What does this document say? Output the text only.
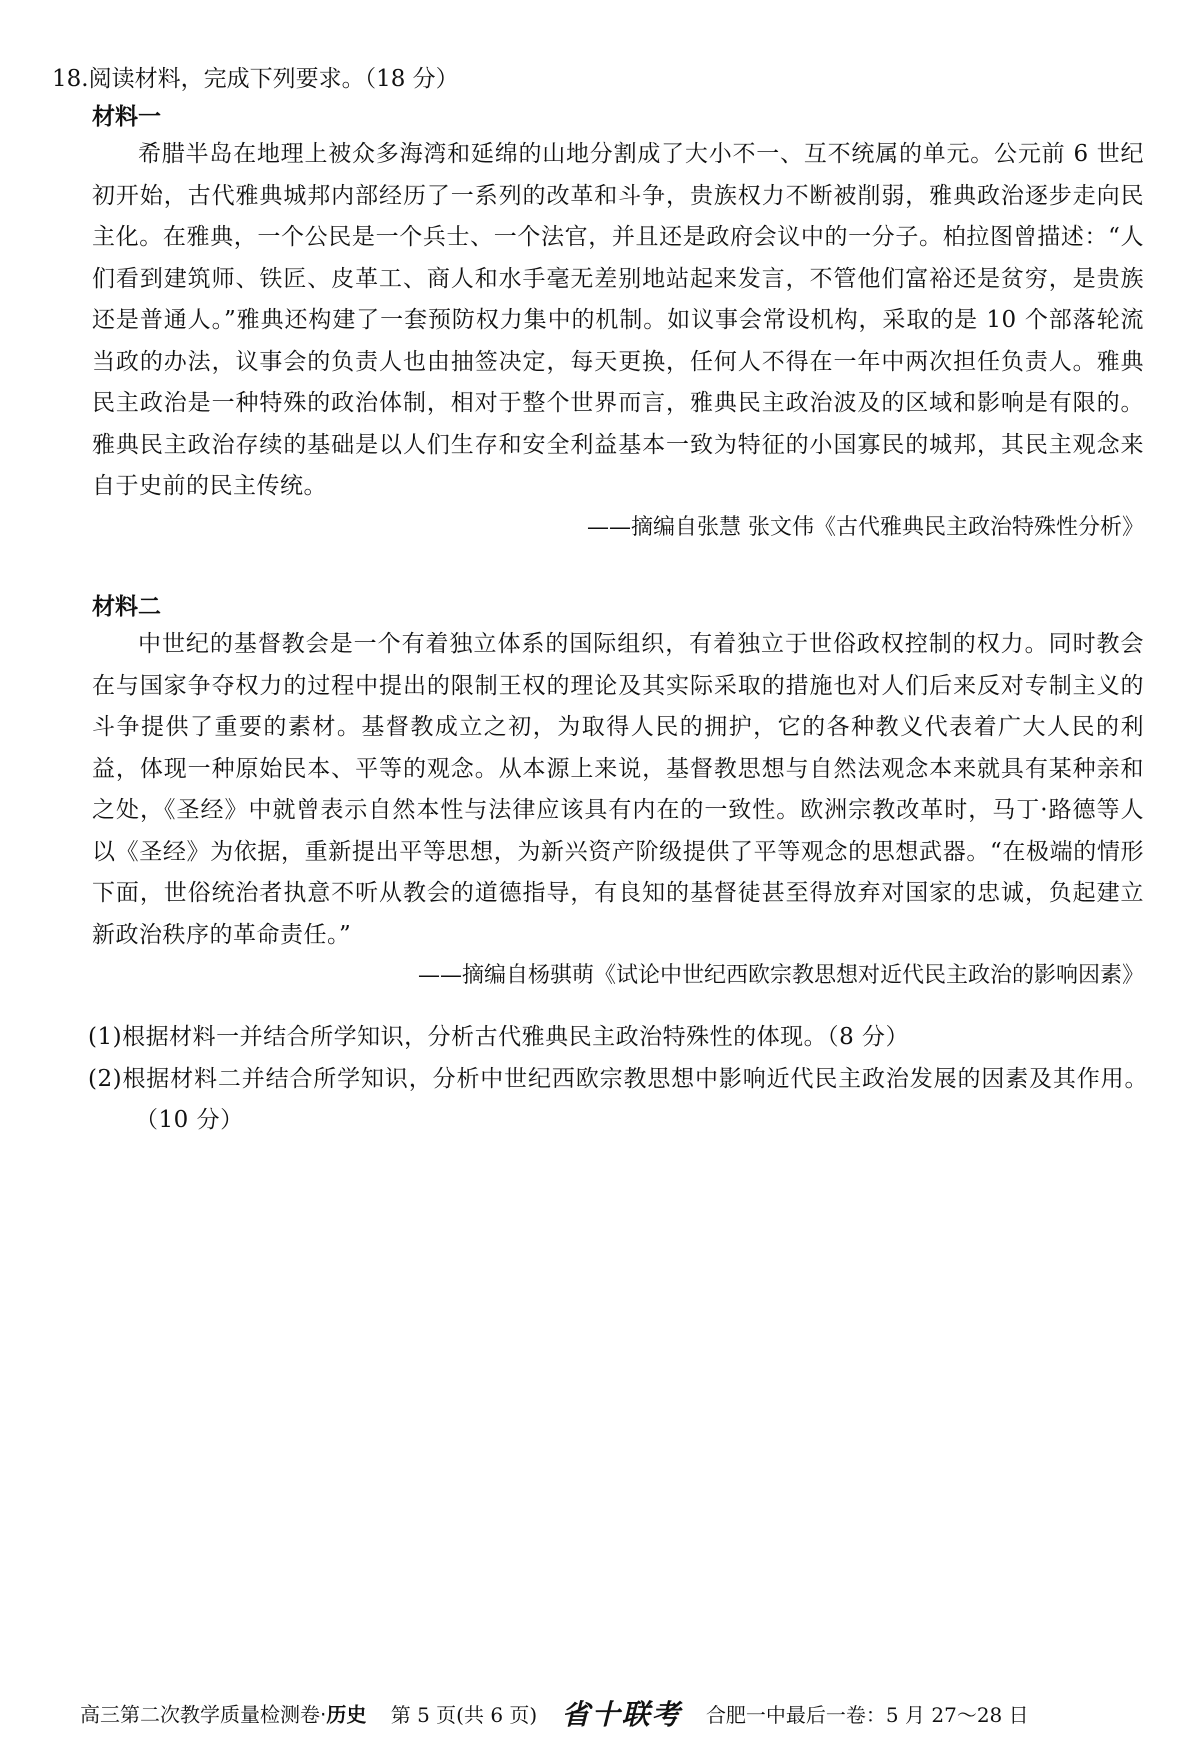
18.阅读材料，完成下列要求。（18 分）

材料一

希腊半岛在地理上被众多海湾和延绵的山地分割成了大小不一、互不统属的单元。公元前 6 世纪初开始，古代雅典城邦内部经历了一系列的改革和斗争，贵族权力不断被削弱，雅典政治逐步走向民主化。在雅典，一个公民是一个兵士、一个法官，并且还是政府会议中的一分子。柏拉图曾描述：“人们看到建筑师、铁匠、皮革工、商人和水手毫无差别地站起来发言，不管他们富裕还是贫穷，是贵族还是普通人。”雅典还构建了一套预防权力集中的机制。如议事会常设机构，采取的是 10 个部落轮流当政的办法，议事会的负责人也由抽签决定，每天更换，任何人不得在一年中两次担任负责人。雅典民主政治是一种特殊的政治体制，相对于整个世界而言，雅典民主政治波及的区域和影响是有限的。雅典民主政治存续的基础是以人们生存和安全利益基本一致为特征的小国寡民的城邦，其民主观念来自于史前的民主传统。

——摘编自张慧 张文伟《古代雅典民主政治特殊性分析》

材料二

中世纪的基督教会是一个有着独立体系的国际组织，有着独立于世俗政权控制的权力。同时教会在与国家争夺权力的过程中提出的限制王权的理论及其实际采取的措施也对人们后来反对专制主义的斗争提供了重要的素材。基督教成立之初，为取得人民的拥护，它的各种教义代表着广大人民的利益，体现一种原始民本、平等的观念。从本源上来说，基督教思想与自然法观念本来就具有某种亲和之处，《圣经》中就曾表示自然本性与法律应该具有内在的一致性。欧洲宗教改革时，马丁·路德等人以《圣经》为依据，重新提出平等思想，为新兴资产阶级提供了平等观念的思想武器。“在极端的情形下面，世俗统治者执意不听从教会的道德指导，有良知的基督徒甚至得放弃对国家的忠诚，负起建立新政治秩序的革命责任。”

——摘编自杨骐萌《试论中世纪西欧宗教思想对近代民主政治的影响因素》

(1)根据材料一并结合所学知识，分析古代雅典民主政治特殊性的体现。（8 分）

(2)根据材料二并结合所学知识，分析中世纪西欧宗教思想中影响近代民主政治发展的因素及其作用。（10 分）

高三第二次教学质量检测卷·历史 第 5 页(共 6 页) 省十联考 合肥一中最后一卷：5 月 27～28 日
